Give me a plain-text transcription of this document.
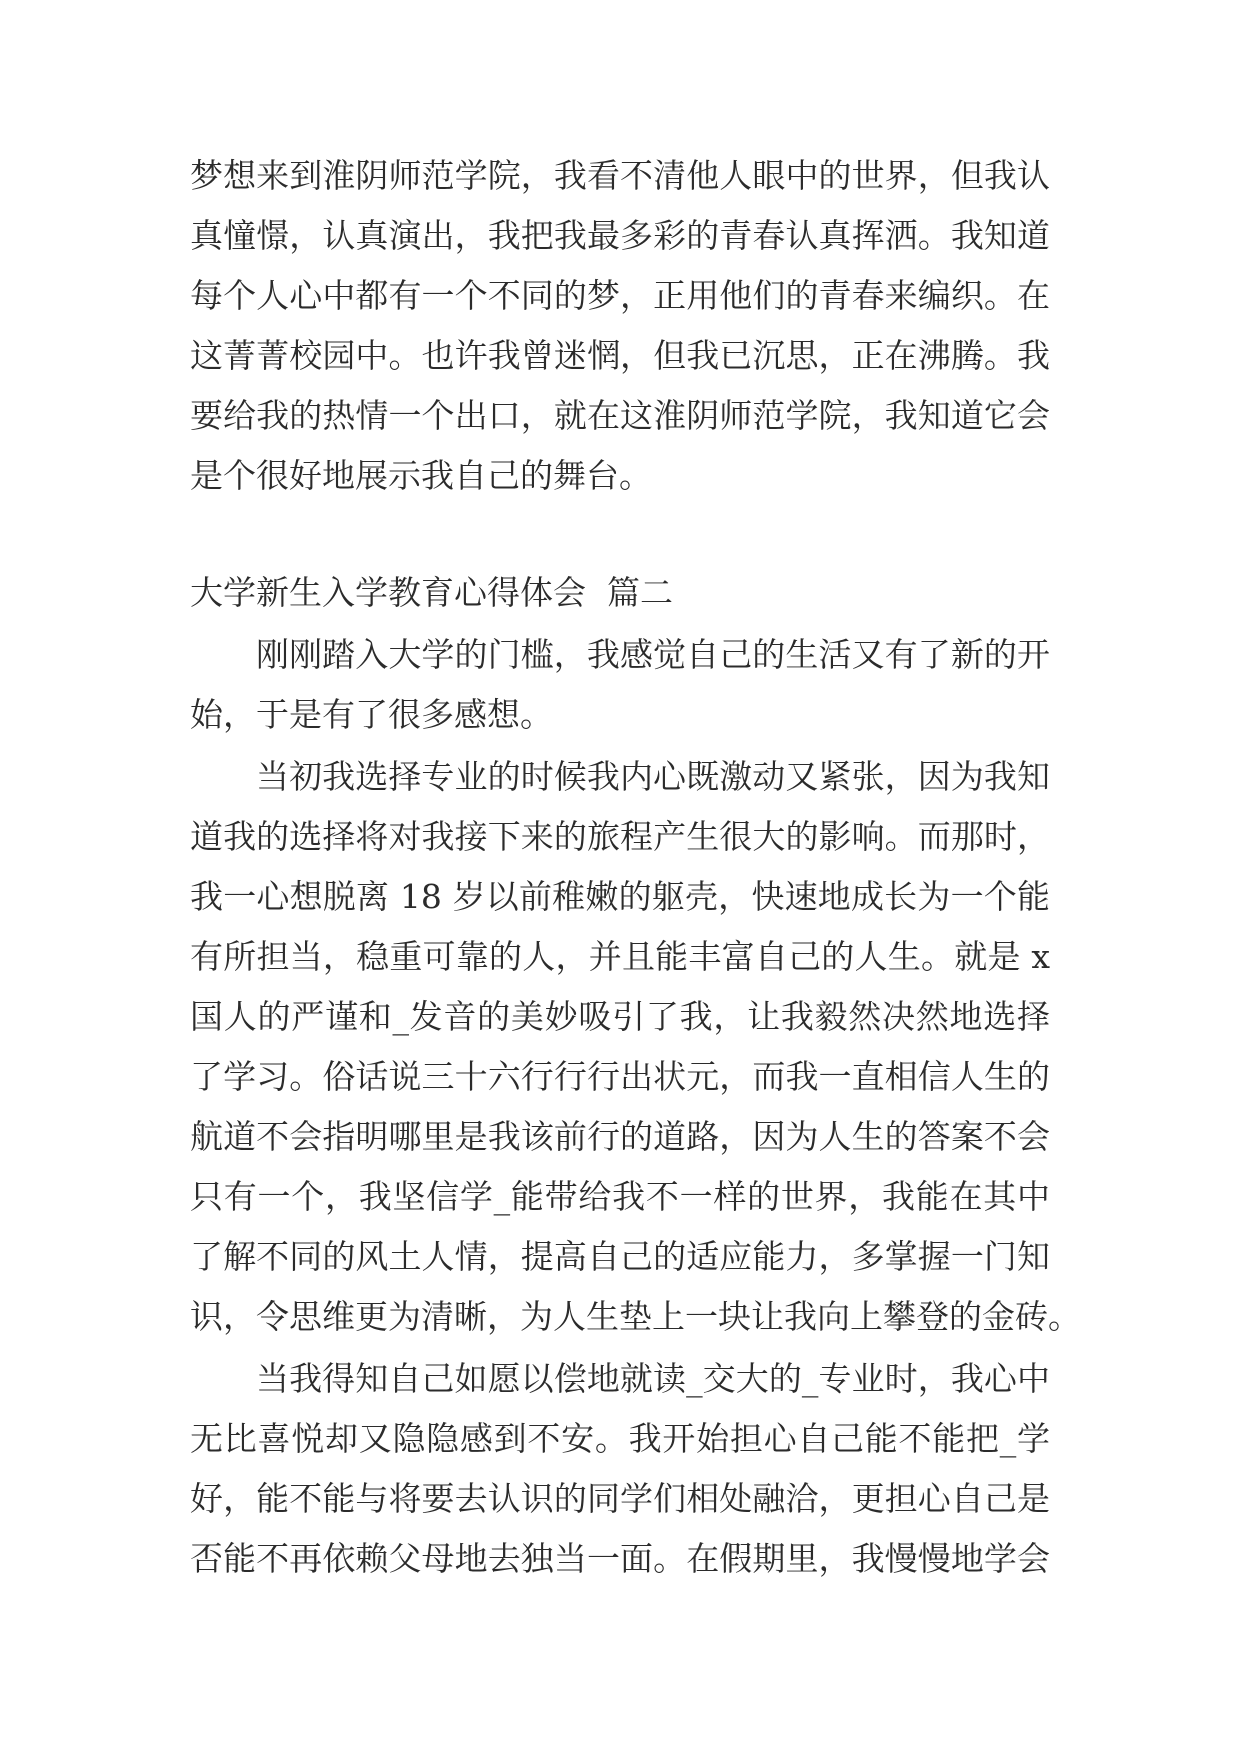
梦想来到淮阴师范学院，我看不清他人眼中的世界，但我认
真憧憬，认真演出，我把我最多彩的青春认真挥洒。我知道
每个人心中都有一个不同的梦，正用他们的青春来编织。在
这菁菁校园中。也许我曾迷惘，但我已沉思，正在沸腾。我
要给我的热情一个出口，就在这淮阴师范学院，我知道它会
是个很好地展示我自己的舞台。
大学新生入学教育心得体会  篇二
刚刚踏入大学的门槛，我感觉自己的生活又有了新的开
始，于是有了很多感想。
当初我选择专业的时候我内心既激动又紧张，因为我知
道我的选择将对我接下来的旅程产生很大的影响。而那时，
我一心想脱离 18 岁以前稚嫩的躯壳，快速地成长为一个能
有所担当，稳重可靠的人，并且能丰富自己的人生。就是 x
国人的严谨和_发音的美妙吸引了我，让我毅然决然地选择
了学习。俗话说三十六行行行出状元，而我一直相信人生的
航道不会指明哪里是我该前行的道路，因为人生的答案不会
只有一个，我坚信学_能带给我不一样的世界，我能在其中
了解不同的风土人情，提高自己的适应能力，多掌握一门知
识，令思维更为清晰，为人生垫上一块让我向上攀登的金砖。
当我得知自己如愿以偿地就读_交大的_专业时，我心中
无比喜悦却又隐隐感到不安。我开始担心自己能不能把_学
好，能不能与将要去认识的同学们相处融洽，更担心自己是
否能不再依赖父母地去独当一面。在假期里，我慢慢地学会
